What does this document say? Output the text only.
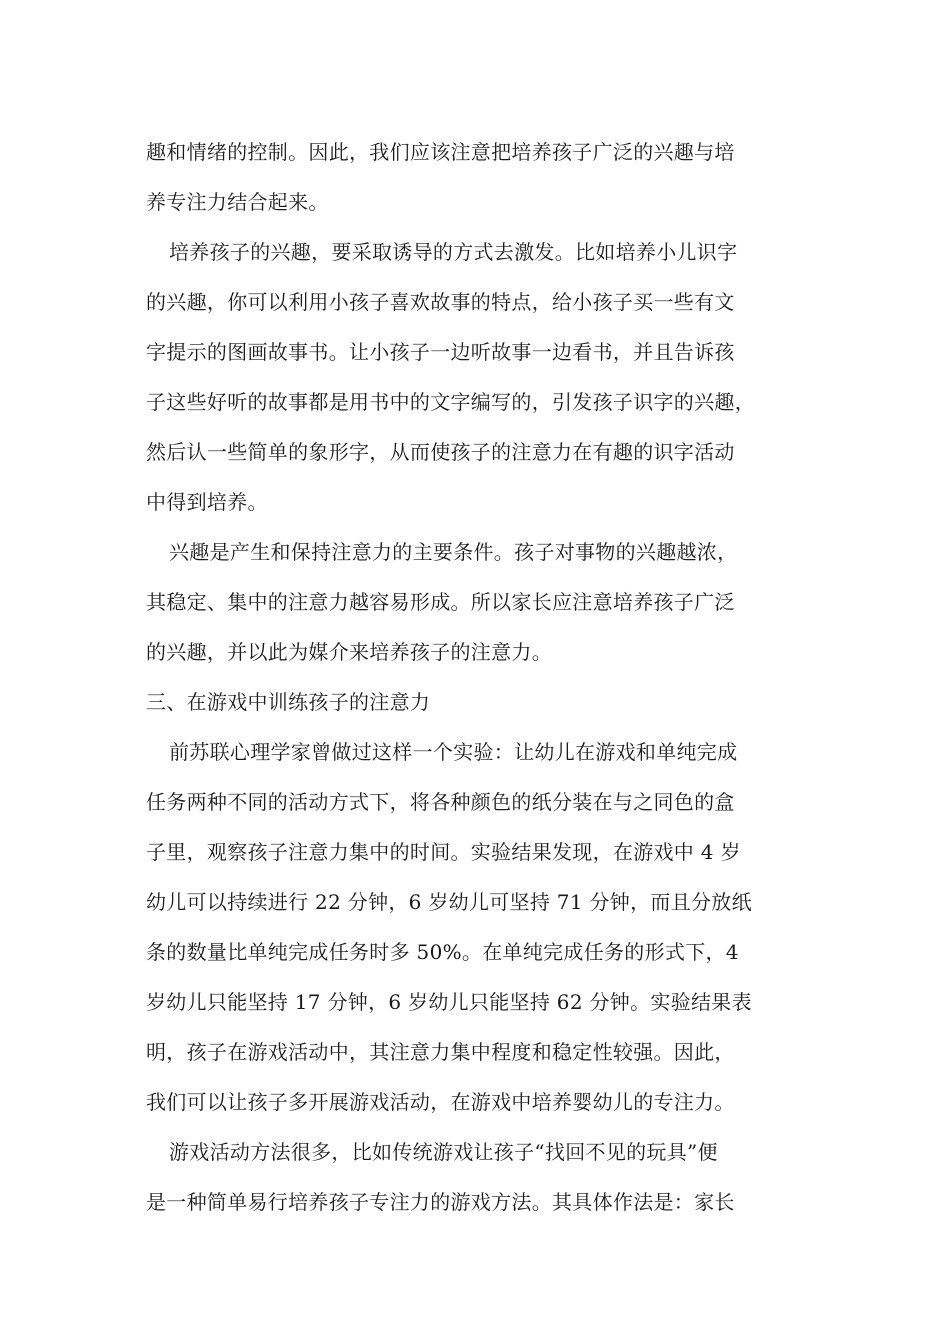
趣和情绪的控制。因此，我们应该注意把培养孩子广泛的兴趣与培
养专注力结合起来。
培养孩子的兴趣，要采取诱导的方式去激发。比如培养小儿识字
的兴趣，你可以利用小孩子喜欢故事的特点，给小孩子买一些有文
字提示的图画故事书。让小孩子一边听故事一边看书，并且告诉孩
子这些好听的故事都是用书中的文字编写的，引发孩子识字的兴趣，
然后认一些简单的象形字，从而使孩子的注意力在有趣的识字活动
中得到培养。
兴趣是产生和保持注意力的主要条件。孩子对事物的兴趣越浓，
其稳定、集中的注意力越容易形成。所以家长应注意培养孩子广泛
的兴趣，并以此为媒介来培养孩子的注意力。
三、在游戏中训练孩子的注意力
前苏联心理学家曾做过这样一个实验：让幼儿在游戏和单纯完成
任务两种不同的活动方式下，将各种颜色的纸分装在与之同色的盒
子里，观察孩子注意力集中的时间。实验结果发现，在游戏中 4 岁
幼儿可以持续进行 22 分钟，6 岁幼儿可坚持 71 分钟，而且分放纸
条的数量比单纯完成任务时多 50%。在单纯完成任务的形式下，4
岁幼儿只能坚持 17 分钟，6 岁幼儿只能坚持 62 分钟。实验结果表
明，孩子在游戏活动中，其注意力集中程度和稳定性较强。因此，
我们可以让孩子多开展游戏活动，在游戏中培养婴幼儿的专注力。
游戏活动方法很多，比如传统游戏让孩子“找回不见的玩具”便
是一种简单易行培养孩子专注力的游戏方法。其具体作法是：家长
